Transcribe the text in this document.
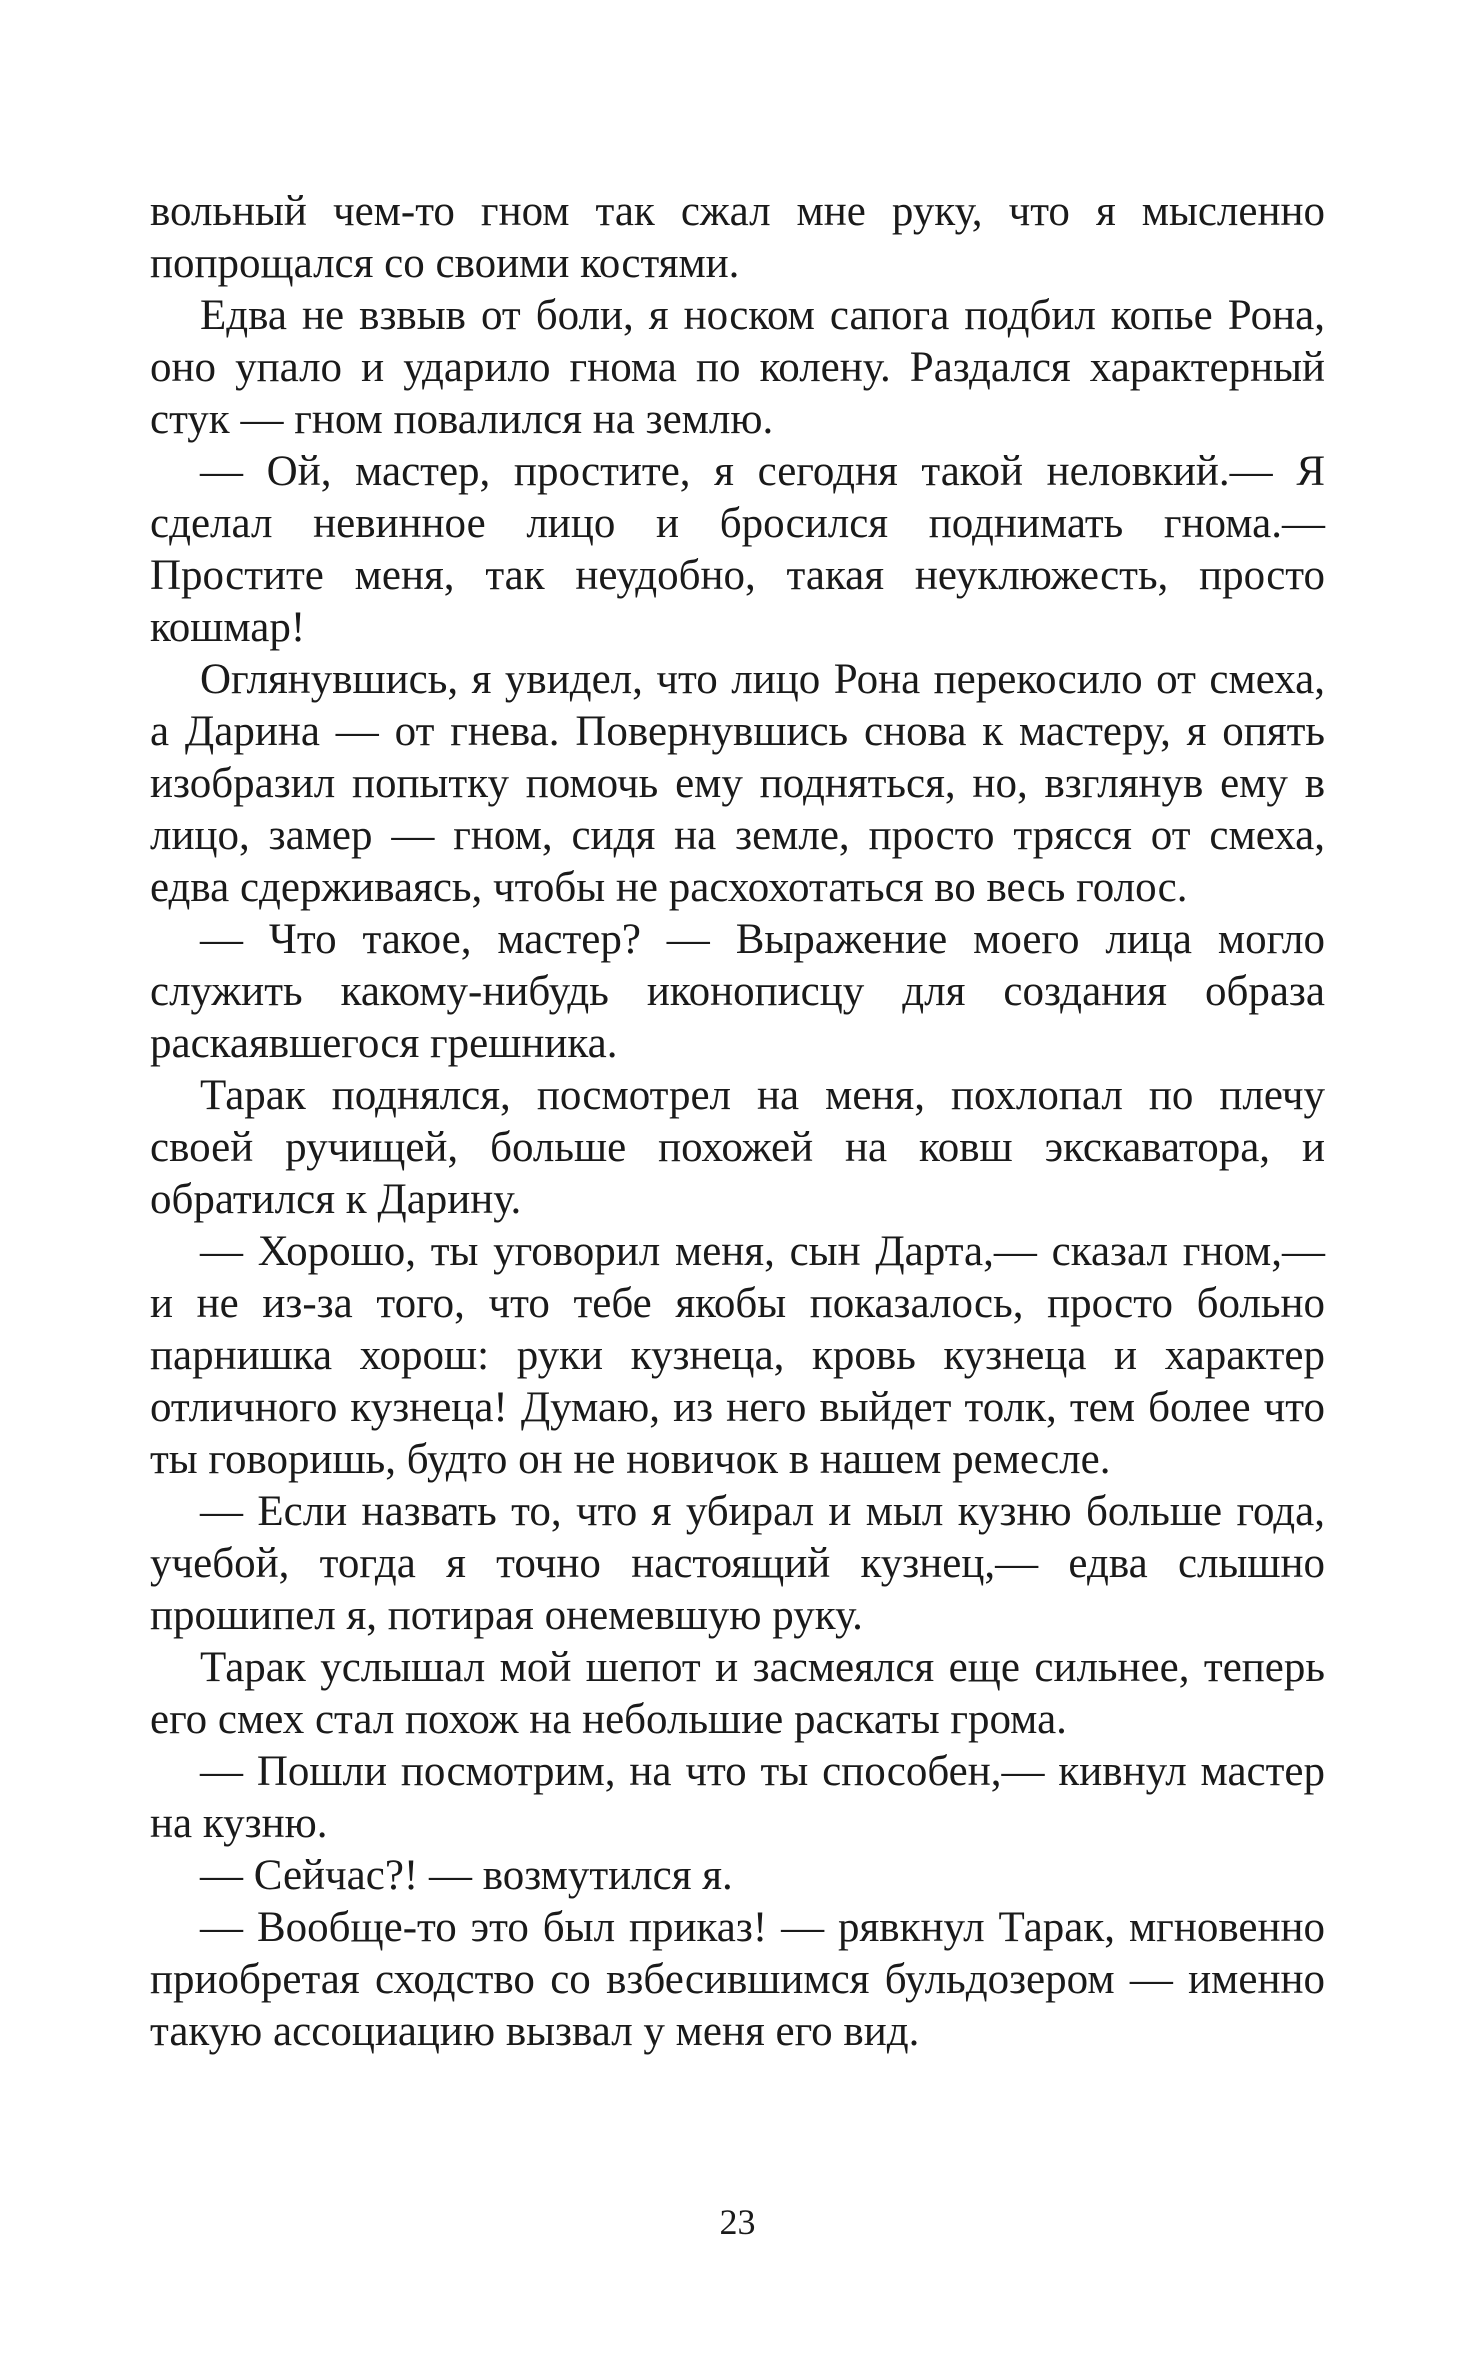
вольный чем-то гном так сжал мне руку, что я мысленно попрощался со своими костями.

Едва не взвыв от боли, я носком сапога подбил копье Рона, оно упало и ударило гнома по колену. Раздался характерный стук — гном повалился на землю.

— Ой, мастер, простите, я сегодня такой неловкий.— Я сделал невинное лицо и бросился поднимать гнома.— Простите меня, так неудобно, такая неуклюжесть, просто кошмар!

Оглянувшись, я увидел, что лицо Рона перекосило от смеха, а Дарина — от гнева. Повернувшись снова к мастеру, я опять изобразил попытку помочь ему подняться, но, взглянув ему в лицо, замер — гном, сидя на земле, просто трясся от смеха, едва сдерживаясь, чтобы не расхохотаться во весь голос.

— Что такое, мастер? — Выражение моего лица могло служить какому-нибудь иконописцу для создания образа раскаявшегося грешника.

Тарак поднялся, посмотрел на меня, похлопал по плечу своей ручищей, больше похожей на ковш экскаватора, и обратился к Дарину.

— Хорошо, ты уговорил меня, сын Дарта,— сказал гном,— и не из-за того, что тебе якобы показалось, просто больно парнишка хорош: руки кузнеца, кровь кузнеца и характер отличного кузнеца! Думаю, из него выйдет толк, тем более что ты говоришь, будто он не новичок в нашем ремесле.

— Если назвать то, что я убирал и мыл кузню больше года, учебой, тогда я точно настоящий кузнец,— едва слышно прошипел я, потирая онемевшую руку.

Тарак услышал мой шепот и засмеялся еще сильнее, теперь его смех стал похож на небольшие раскаты грома.

— Пошли посмотрим, на что ты способен,— кивнул мастер на кузню.

— Сейчас?! — возмутился я.

— Вообще-то это был приказ! — рявкнул Тарак, мгновенно приобретая сходство со взбесившимся бульдозером — именно такую ассоциацию вызвал у меня его вид.

23
